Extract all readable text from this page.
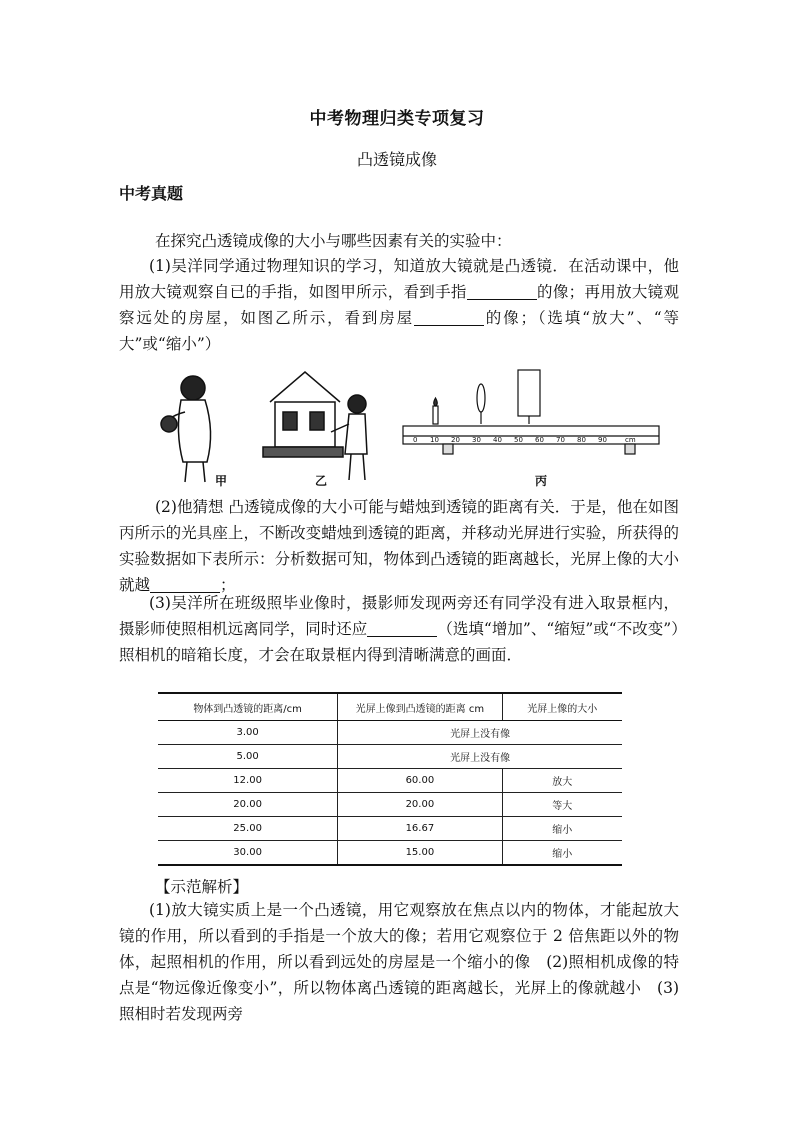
中考物理归类专项复习
凸透镜成像
中考真题
在探究凸透镜成像的大小与哪些因素有关的实验中：
(1)吴洋同学通过物理知识的学习，知道放大镜就是凸透镜．在活动课中，他用放大镜观察自已的手指，如图甲所示，看到手指	的像；再用放大镜观察远处的房屋，如图乙所示，看到房屋	的像；（选填“放大”、“等大”或“缩小”）
0 10 20 30 40 50 60 70 80 90	cm
甲	乙	丙
(2)他猜想 凸透镜成像的大小可能与蜡烛到透镜的距离有关．于是，他在如图丙所示的光具座上，不断改变蜡烛到透镜的距离，并移动光屏进行实验，所获得的实验数据如下表所示：分析数据可知，物体到凸透镜的距离越长，光屏上像的大小就越	；
(3)吴洋所在班级照毕业像时，摄影师发现两旁还有同学没有进入取景框内，摄影师使照相机远离同学，同时还应	（选填“增加”、“缩短”或“不改变”）照相机的暗箱长度，才会在取景框内得到清晰满意的画面．
物体到凸透镜的距离/cm	光屏上像到凸透镜的距离 cm	光屏上像的大小
3.00	光屏上没有像	
5.00	光屏上没有像	
12.00	60.00	放大
20.00	20.00	等大
25.00	16.67	缩小
30.00	15.00	缩小
【示范解析】
(1)放大镜实质上是一个凸透镜，用它观察放在焦点以内的物体，才能起放大镜的作用，所以看到的手指是一个放大的像；若用它观察位于 2 倍焦距以外的物体，起照相机的作用，所以看到远处的房屋是一个缩小的像　(2)照相机成像的特点是“物远像近像变小”，所以物体离凸透镜的距离越长，光屏上的像就越小　(3)照相时若发现两旁
